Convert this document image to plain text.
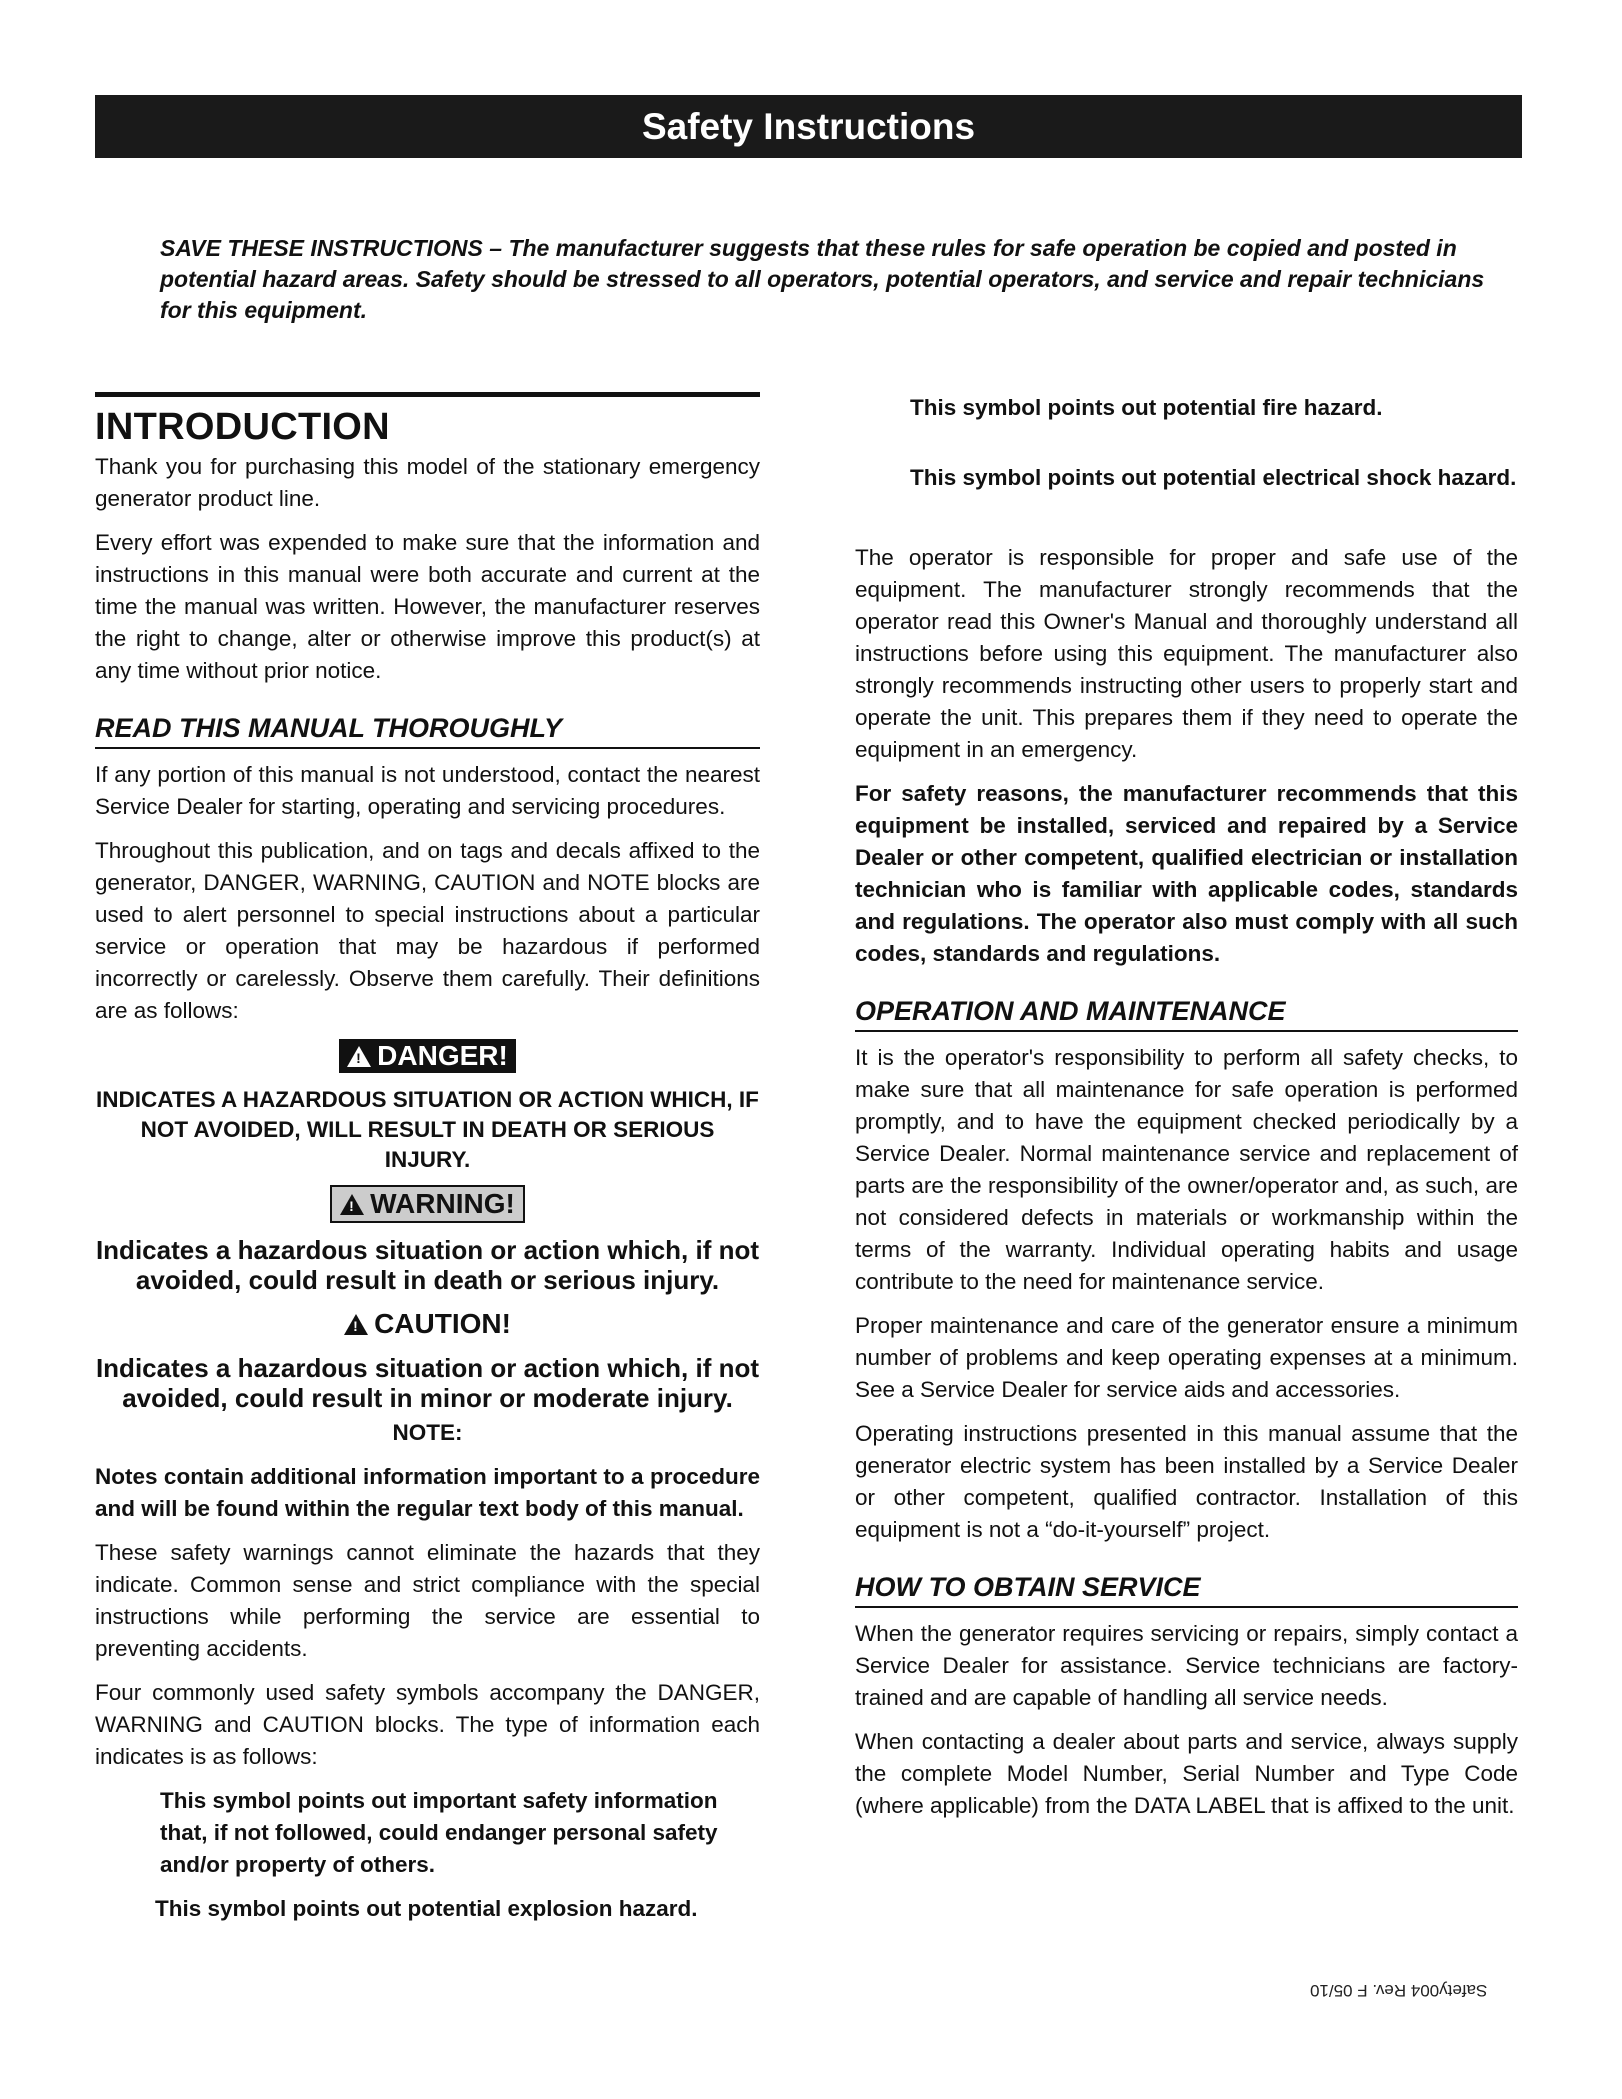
Safety Instructions
SAVE THESE INSTRUCTIONS – The manufacturer suggests that these rules for safe operation be copied and posted in potential hazard areas. Safety should be stressed to all operators, potential operators, and service and repair technicians for this equipment.
INTRODUCTION

Thank you for purchasing this model of the stationary emergency generator product line.

Every effort was expended to make sure that the information and instructions in this manual were both accurate and current at the time the manual was written. However, the manufacturer reserves the right to change, alter or otherwise improve this product(s) at any time without prior notice.

READ THIS MANUAL THOROUGHLY

If any portion of this manual is not understood, contact the nearest Service Dealer for starting, operating and servicing procedures.

Throughout this publication, and on tags and decals affixed to the generator, DANGER, WARNING, CAUTION and NOTE blocks are used to alert personnel to special instructions about a particular service or operation that may be hazardous if performed incorrectly or carelessly. Observe them carefully. Their definitions are as follows:

! DANGER!
INDICATES A HAZARDOUS SITUATION OR ACTION WHICH, IF NOT AVOIDED, WILL RESULT IN DEATH OR SERIOUS INJURY.
! WARNING!
Indicates a hazardous situation or action which, if not avoided, could result in death or serious injury.
! CAUTION!
Indicates a hazardous situation or action which, if not avoided, could result in minor or moderate injury.
NOTE:

Notes contain additional information important to a procedure and will be found within the regular text body of this manual.

These safety warnings cannot eliminate the hazards that they indicate. Common sense and strict compliance with the special instructions while performing the service are essential to preventing accidents.

Four commonly used safety symbols accompany the DANGER, WARNING and CAUTION blocks. The type of information each indicates is as follows:

This symbol points out important safety information that, if not followed, could endanger personal safety and/or property of others.

This symbol points out potential explosion hazard.

This symbol points out potential fire hazard.

This symbol points out potential electrical shock hazard.

The operator is responsible for proper and safe use of the equipment. The manufacturer strongly recommends that the operator read this Owner's Manual and thoroughly understand all instructions before using this equipment. The manufacturer also strongly recommends instructing other users to properly start and operate the unit. This prepares them if they need to operate the equipment in an emergency.

For safety reasons, the manufacturer recommends that this equipment be installed, serviced and repaired by a Service Dealer or other competent, qualified electrician or installation technician who is familiar with applicable codes, standards and regulations. The operator also must comply with all such codes, standards and regulations.

OPERATION AND MAINTENANCE

It is the operator's responsibility to perform all safety checks, to make sure that all maintenance for safe operation is performed promptly, and to have the equipment checked periodically by a Service Dealer. Normal maintenance service and replacement of parts are the responsibility of the owner/operator and, as such, are not considered defects in materials or workmanship within the terms of the warranty. Individual operating habits and usage contribute to the need for maintenance service.

Proper maintenance and care of the generator ensure a minimum number of problems and keep operating expenses at a minimum. See a Service Dealer for service aids and accessories.

Operating instructions presented in this manual assume that the generator electric system has been installed by a Service Dealer or other competent, qualified contractor. Installation of this equipment is not a “do-it-yourself” project.

HOW TO OBTAIN SERVICE

When the generator requires servicing or repairs, simply contact a Service Dealer for assistance. Service technicians are factory-trained and are capable of handling all service needs.

When contacting a dealer about parts and service, always supply the complete Model Number, Serial Number and Type Code (where applicable) from the DATA LABEL that is affixed to the unit.

Safety004 Rev. F 05/10
